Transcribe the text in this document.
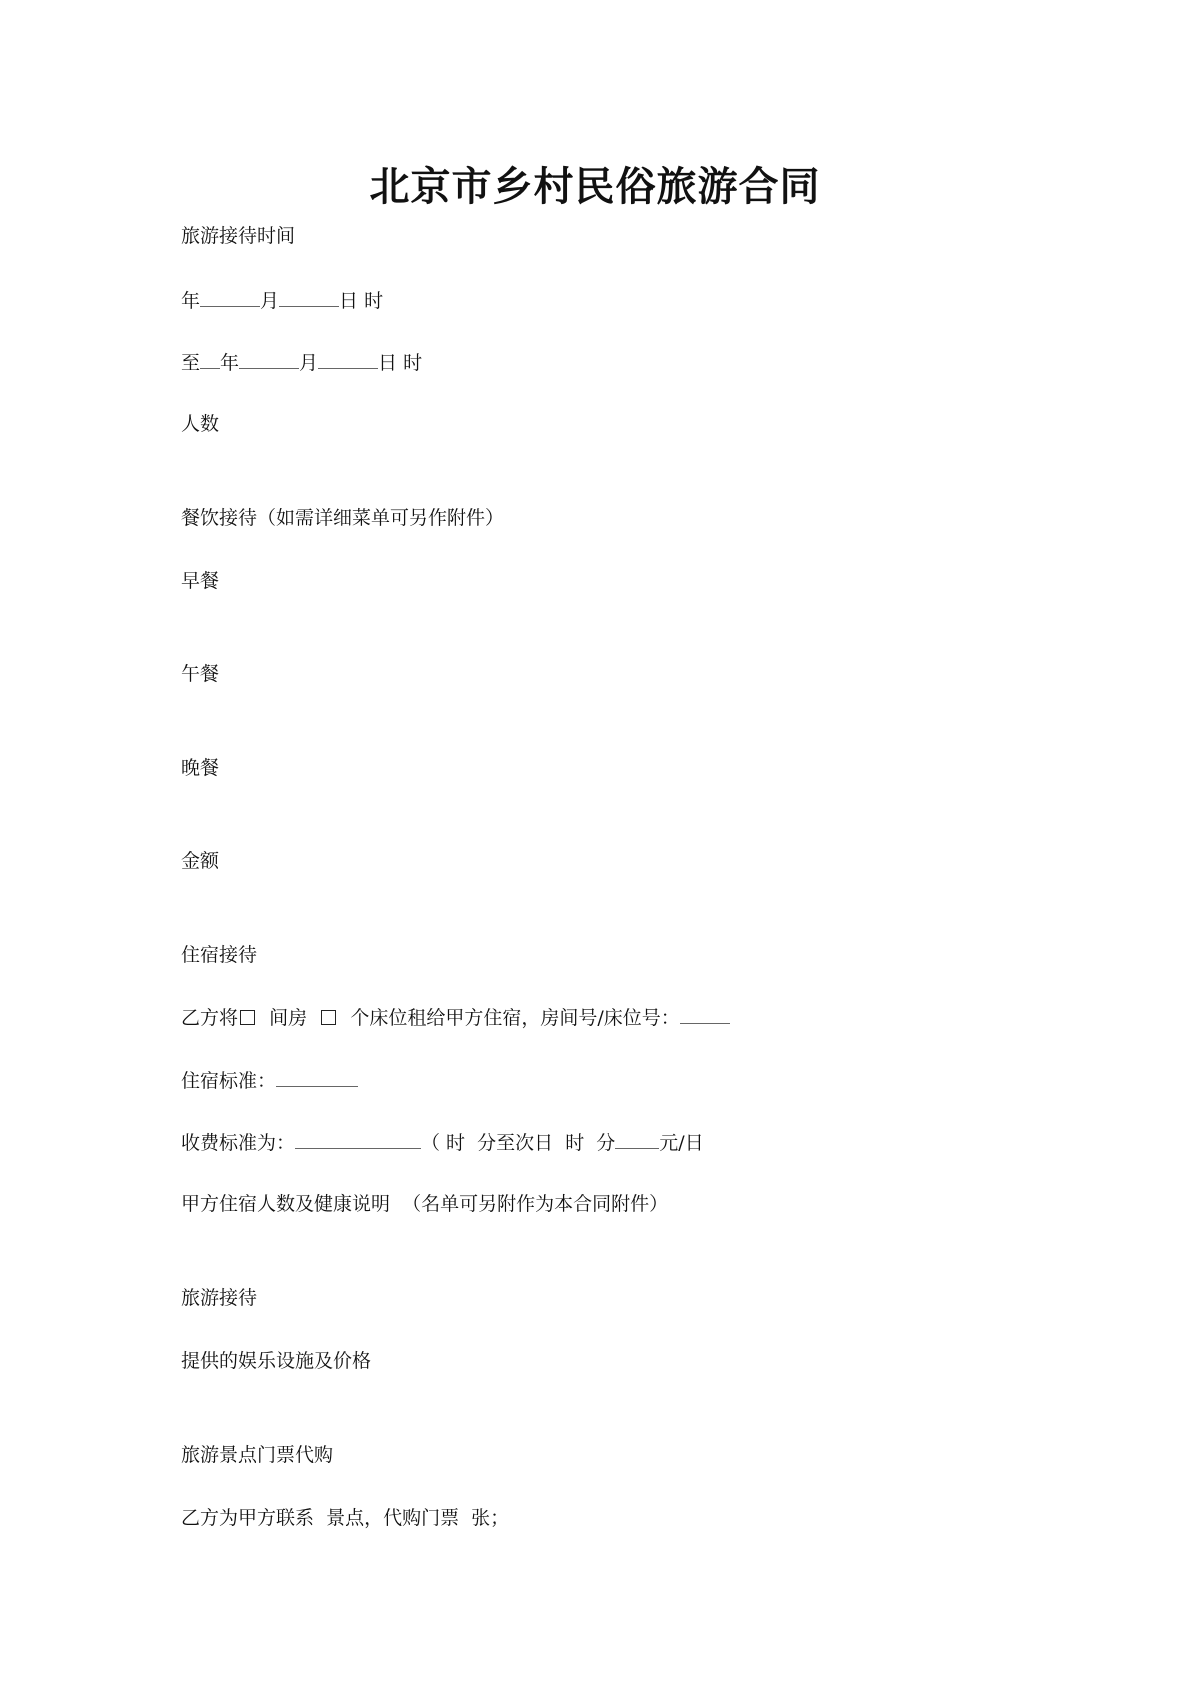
北京市乡村民俗旅游合同
旅游接待时间
年	月	日 时
至 年	月	日 时
人数
餐饮接待（如需详细菜单可另作附件）
早餐
午餐
晚餐
金额
住宿接待
乙方将 间房 个床位租给甲方住宿，房间号/床位号：
住宿标准：
收费标准为：	（ 时  分至次日  时  分 元/日
甲方住宿人数及健康说明  （名单可另附作为本合同附件）
旅游接待
提供的娱乐设施及价格
旅游景点门票代购
乙方为甲方联系  景点，代购门票  张；
